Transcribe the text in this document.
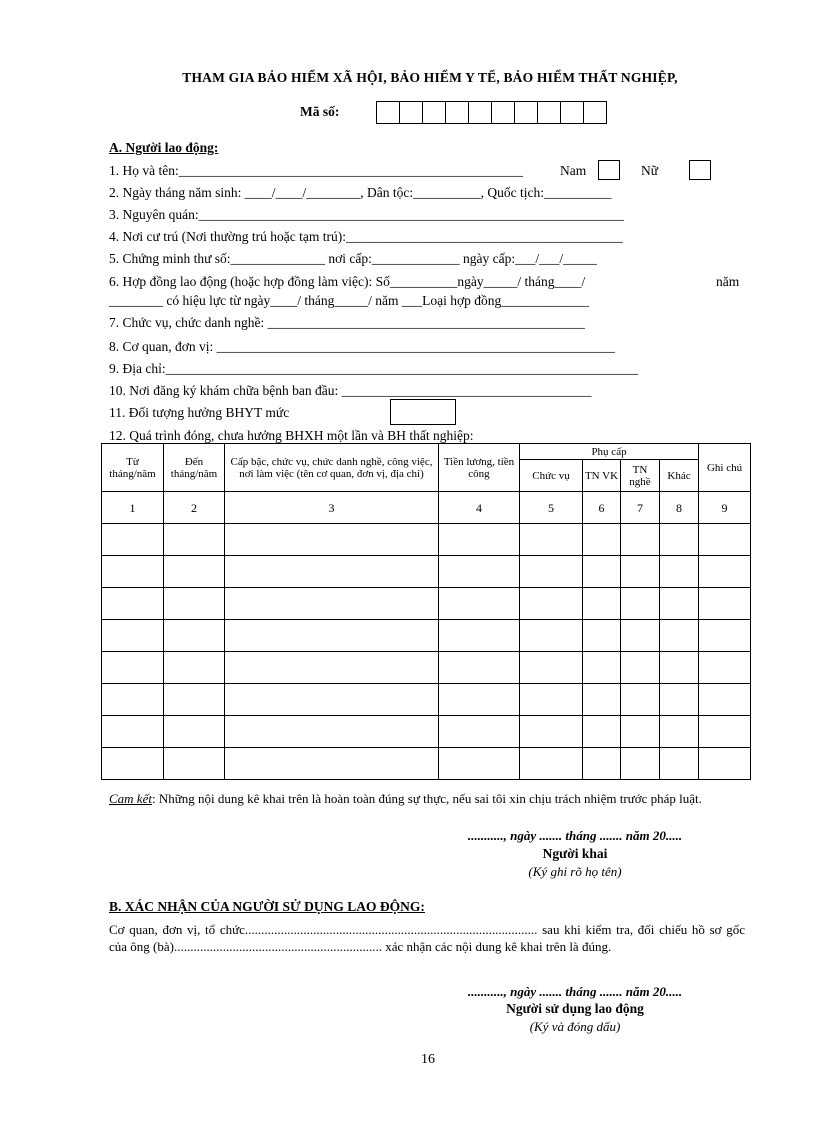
THAM GIA BẢO HIỂM XÃ HỘI, BẢO HIỂM Y TẾ, BẢO HIỂM THẤT NGHIỆP,
Mã số:
A. Người lao động:
1. Họ và tên:___________________________________________________	Nam	Nữ
2. Ngày tháng năm sinh: ____/____/________, Dân tộc:__________, Quốc tịch:__________
3. Nguyên quán:_______________________________________________________________
4. Nơi cư trú (Nơi thường trú hoặc tạm trú):_________________________________________
5. Chứng minh thư số:______________ nơi cấp:_____________ ngày cấp:___/___/_____
6. Hợp đồng lao động (hoặc hợp đồng làm việc): Số__________ngày_____/ tháng____/	năm
________ có hiệu lực từ ngày____/ tháng_____/ năm ___Loại hợp đồng_____________
7. Chức vụ, chức danh nghề: _______________________________________________
8. Cơ quan, đơn vị: ___________________________________________________________
9. Địa chỉ:______________________________________________________________________
10. Nơi đăng ký khám chữa bệnh ban đầu: _____________________________________
11. Đối tượng hưởng BHYT mức
12. Quá trình đóng, chưa hưởng BHXH một lần và BH thất nghiệp:
Từ tháng/năm	Đến tháng/năm	Cấp bậc, chức vụ, chức danh nghề, công việc, nơi làm việc (tên cơ quan, đơn vị, địa chỉ)	Tiền lương, tiền công	Phụ cấp				Ghi chú
				Chức vụ	TN VK	TN nghề	Khác	
1	2	3	4	5	6	7	8	9

Cam kết: Những nội dung kê khai trên là hoàn toàn đúng sự thực, nếu sai tôi xin chịu trách nhiệm trước pháp luật.
..........., ngày ....... tháng ....... năm 20.....
Người khai
(Ký ghi rõ họ tên)
B. XÁC NHẬN CỦA NGƯỜI SỬ DỤNG LAO ĐỘNG:
Cơ quan, đơn vị, tổ chức.......................................................................................... sau khi kiểm tra, đối chiếu hồ sơ gốc của ông (bà)................................................................ xác nhận các nội dung kê khai trên là đúng.
..........., ngày ....... tháng ....... năm 20.....
Người sử dụng lao động
(Ký và đóng dấu)
16
